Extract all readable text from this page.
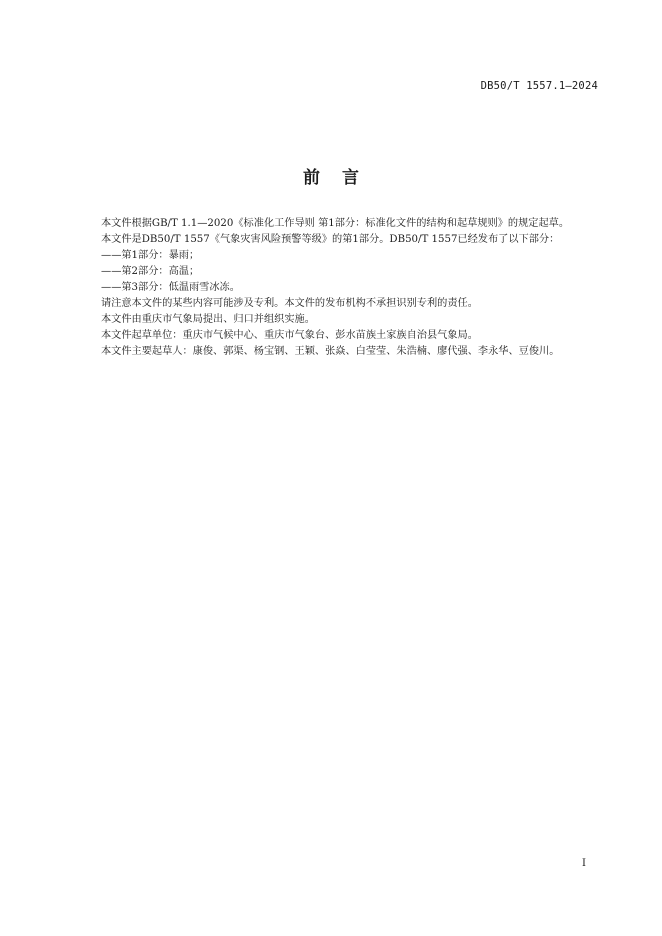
DB50/T 1557.1—2024
前言

本文件根据GB/T 1.1—2020《标准化工作导则 第1部分：标准化文件的结构和起草规则》的规定起草。

本文件是DB50/T 1557《气象灾害风险预警等级》的第1部分。DB50/T 1557已经发布了以下部分：

——第1部分：暴雨；
——第2部分：高温；
——第3部分：低温雨雪冰冻。

请注意本文件的某些内容可能涉及专利。本文件的发布机构不承担识别专利的责任。

本文件由重庆市气象局提出、归口并组织实施。

本文件起草单位：重庆市气候中心、重庆市气象台、彭水苗族土家族自治县气象局。

本文件主要起草人：康俊、郭渠、杨宝钢、王颖、张焱、白莹莹、朱浩楠、廖代强、李永华、豆俊川。

I
